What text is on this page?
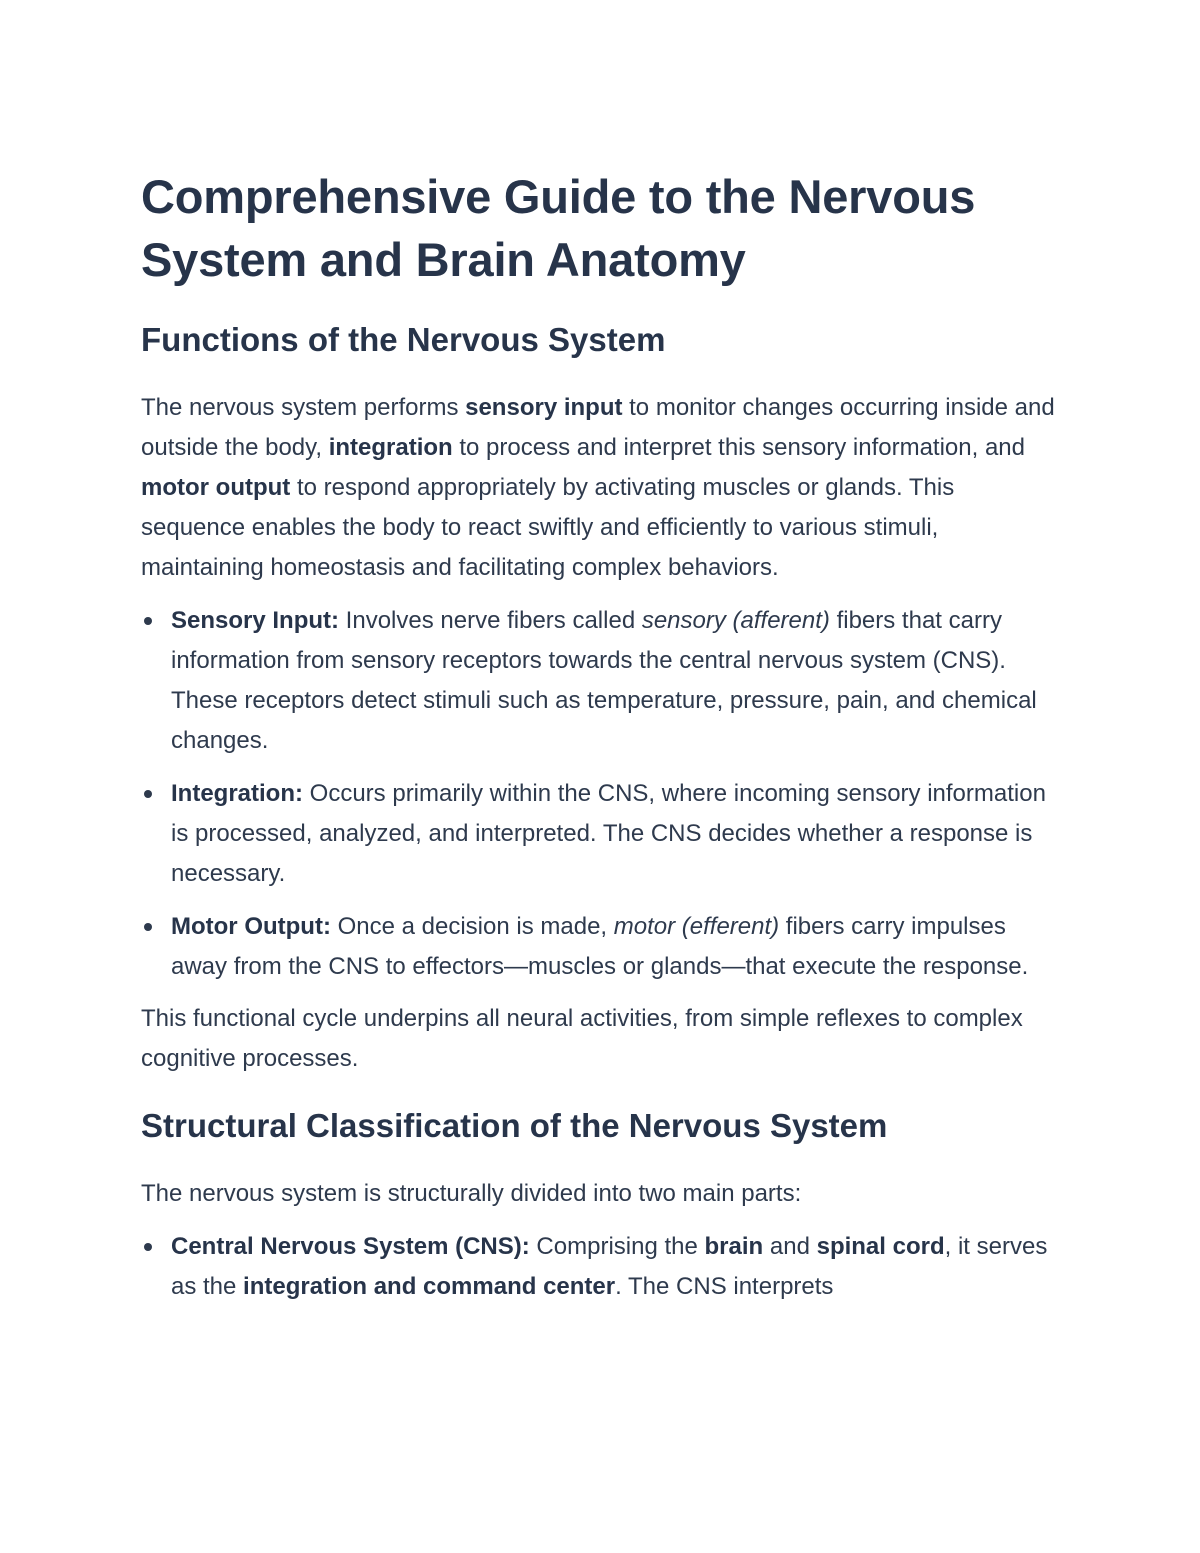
Comprehensive Guide to the Nervous System and Brain Anatomy
Functions of the Nervous System

The nervous system performs sensory input to monitor changes occurring inside and outside the body, integration to process and interpret this sensory information, and motor output to respond appropriately by activating muscles or glands. This sequence enables the body to react swiftly and efficiently to various stimuli, maintaining homeostasis and facilitating complex behaviors.

Sensory Input: Involves nerve fibers called sensory (afferent) fibers that carry information from sensory receptors towards the central nervous system (CNS). These receptors detect stimuli such as temperature, pressure, pain, and chemical changes.
Integration: Occurs primarily within the CNS, where incoming sensory information is processed, analyzed, and interpreted. The CNS decides whether a response is necessary.
Motor Output: Once a decision is made, motor (efferent) fibers carry impulses away from the CNS to effectors—muscles or glands—that execute the response.

This functional cycle underpins all neural activities, from simple reflexes to complex cognitive processes.

Structural Classification of the Nervous System

The nervous system is structurally divided into two main parts:

Central Nervous System (CNS): Comprising the brain and spinal cord, it serves as the integration and command center. The CNS interprets
